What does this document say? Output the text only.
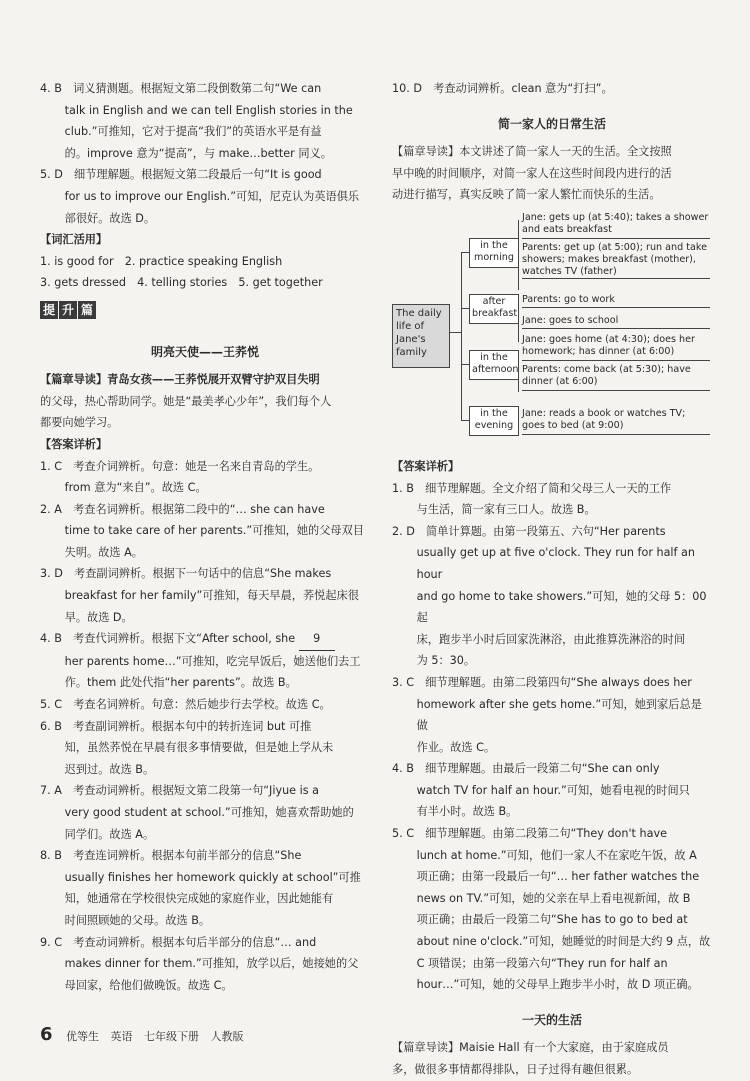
4. B　词义猜测题。根据短文第二段倒数第二句“We can

talk in English and we can tell English stories in the

club.”可推知，它对于提高“我们”的英语水平是有益

的。improve 意为“提高”，与 make…better 同义。

5. D　细节理解题。根据短文第二段最后一句“It is good

for us to improve our English.”可知，尼克认为英语俱乐

部很好。故选 D。

【词汇活用】

1. is good for　2. practice speaking English

3. gets dressed　4. telling stories　5. get together

提 升 篇

明亮天使——王荞悦

【篇章导读】青岛女孩——王荞悦展开双臂守护双目失明

的父母，热心帮助同学。她是“最美孝心少年”，我们每个人

都要向她学习。

【答案详析】

1. C　考查介词辨析。句意：她是一名来自青岛的学生。

from 意为“来自”。故选 C。

2. A　考查名词辨析。根据第二段中的“… she can have

time to take care of her parents.”可推知，她的父母双目

失明。故选 A。

3. D　考查副词辨析。根据下一句话中的信息“She makes

breakfast for her family”可推知，每天早晨，荞悦起床很

早。故选 D。

4. B　考查代词辨析。根据下文“After school, she 9

her parents home…”可推知，吃完早饭后，她送他们去工

作。them 此处代指“her parents”。故选 B。

5. C　考查名词辨析。句意：然后她步行去学校。故选 C。

6. B　考查副词辨析。根据本句中的转折连词 but 可推

知，虽然荞悦在早晨有很多事情要做，但是她上学从未

迟到过。故选 B。

7. A　考查动词辨析。根据短文第二段第一句“Jiyue is a

very good student at school.”可推知，她喜欢帮助她的

同学们。故选 A。

8. B　考查连词辨析。根据本句前半部分的信息“She

usually finishes her homework quickly at school”可推

知，她通常在学校很快完成她的家庭作业，因此她能有

时间照顾她的父母。故选 B。

9. C　考查动词辨析。根据本句后半部分的信息“… and

makes dinner for them.”可推知，放学以后，她接她的父

母回家，给他们做晚饭。故选 C。

10. D　考查动词辨析。clean 意为“打扫”。

简一家人的日常生活

【篇章导读】本文讲述了简一家人一天的生活。全文按照

早中晚的时间顺序，对简一家人在这些时间段内进行的活

动进行描写，真实反映了简一家人繁忙而快乐的生活。

The daily life of Jane's family
in the morning
after breakfast
in the afternoon
in the evening
Jane: gets up (at 5:40); takes a shower and eats breakfast
Parents: get up (at 5:00); run and take showers; makes breakfast (mother), watches TV (father)
Parents: go to work
Jane: goes to school
Jane: goes home (at 4:30); does her homework; has dinner (at 6:00)
Parents: come back (at 5:30); have dinner (at 6:00)
Jane: reads a book or watches TV; goes to bed (at 9:00)

【答案详析】

1. B　细节理解题。全文介绍了简和父母三人一天的工作

与生活，简一家有三口人。故选 B。

2. D　简单计算题。由第一段第五、六句“Her parents

usually get up at five o'clock. They run for half an hour

and go home to take showers.”可知，她的父母 5：00 起

床，跑步半小时后回家洗淋浴，由此推算洗淋浴的时间

为 5：30。

3. C　细节理解题。由第二段第四句“She always does her

homework after she gets home.”可知，她到家后总是做

作业。故选 C。

4. B　细节理解题。由最后一段第二句“She can only

watch TV for half an hour.”可知，她看电视的时间只

有半小时。故选 B。

5. C　细节理解题。由第二段第二句“They don't have

lunch at home.”可知，他们一家人不在家吃午饭，故 A

项正确；由第一段最后一句“… her father watches the

news on TV.”可知，她的父亲在早上看电视新闻，故 B

项正确；由最后一段第二句“She has to go to bed at

about nine o'clock.”可知，她睡觉的时间是大约 9 点，故

C 项错误；由第一段第六句“They run for half an

hour…”可知，她的父母早上跑步半小时，故 D 项正确。

一天的生活

【篇章导读】Maisie Hall 有一个大家庭，由于家庭成员

多，做很多事情都得排队，日子过得有趣但很累。

6 优等生 英语 七年级下册 人教版
